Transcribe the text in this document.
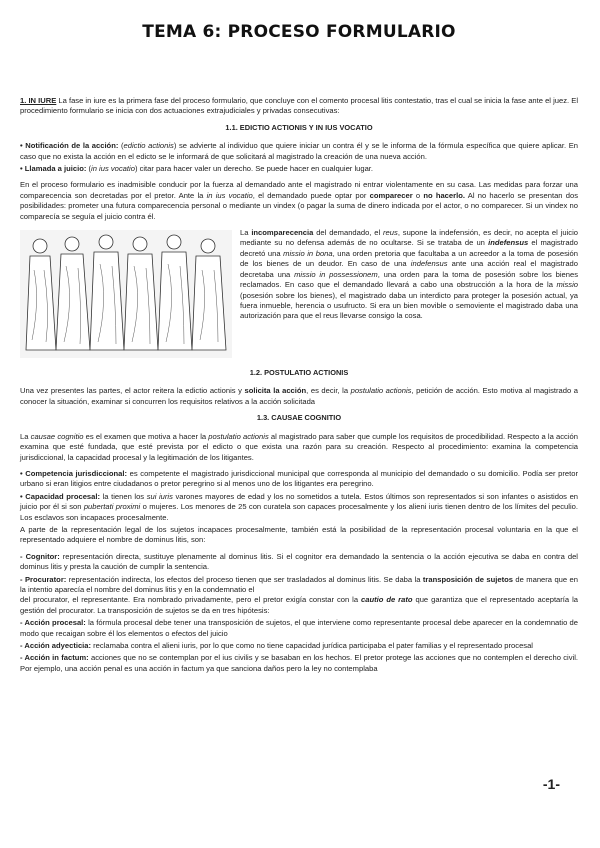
TEMA 6: PROCESO FORMULARIO

1. IN IURE La fase in iure es la primera fase del proceso formulario, que concluye con el comento procesal litis contestatio, tras el cual se inicia la fase ante el juez. El procedimiento formulario se inicia con dos actuaciones extrajudiciales y privadas consecutivas:

1.1. EDICTIO ACTIONIS Y IN IUS VOCATIO

• Notificación de la acción: (edictio actionis) se advierte al individuo que quiere iniciar un contra él y se le informa de la fórmula específica que quiere aplicar. En caso que no exista la acción en el edicto se le informará de que solicitará al magistrado la creación de una nueva acción.

• Llamada a juicio: (in ius vocatio) citar para hacer valer un derecho. Se puede hacer en cualquier lugar.

En el proceso formulario es inadmisible conducir por la fuerza al demandado ante el magistrado ni entrar violentamente en su casa. Las medidas para forzar una comparecencia son decretadas por el pretor. Ante la in ius vocatio, el demandado puede optar por comparecer o no hacerlo. Al no hacerlo se presentan dos posibilidades: prometer una futura comparecencia personal o mediante un vindex (o pagar la suma de dinero indicada por el actor, o no comparecer. Si un vindex no comparecía se seguía el juicio contra él.

La incomparecencia del demandado, el reus, supone la indefensión, es decir, no acepta el juicio mediante su no defensa además de no ocultarse. Si se trataba de un indefensus el magistrado decretó una missio in bona, una orden pretoria que facultaba a un acreedor a la toma de posesión de los bienes de un deudor. En caso de una indefensus ante una acción real el magistrado decretaba una missio in possessionem, una orden para la toma de posesión sobre los bienes reclamados. En caso que el demandado llevará a cabo una obstrucción a la hora de la missio (posesión sobre los bienes), el magistrado daba un interdicto para proteger la posesión actual, ya fuera inmueble, herencia o usufructo. Si era un bien movible o semoviente el magistrado daba una autorización para que el reus llevarse consigo la cosa.

1.2. POSTULATIO ACTIONIS

Una vez presentes las partes, el actor reitera la edictio actionis y solicita la acción, es decir, la postulatio actionis, petición de acción. Esto motiva al magistrado a conocer la situación, examinar si concurren los requisitos relativos a la acción solicitada

1.3. CAUSAE COGNITIO

La causae cognitio es el examen que motiva a hacer la postulatio actionis al magistrado para saber que cumple los requisitos de procedibilidad. Respecto a la acción examina que esté fundada, que esté prevista por el edicto o que exista una razón para su creación. Respecto al procedimiento: examina la competencia jurisdiccional, la capacidad procesal y la legitimación de los litigantes.

• Competencia jurisdiccional: es competente el magistrado jurisdiccional municipal que corresponda al municipio del demandado o su domicilio. Podía ser pretor urbano si eran litigios entre ciudadanos o pretor peregrino si al menos uno de los litigantes era peregrino.

• Capacidad procesal: la tienen los sui iuris varones mayores de edad y los no sometidos a tutela. Estos últimos son representados si son infantes o asistidos en juicio por él si son pubertati proximi o mujeres. Los menores de 25 con curatela son capaces procesalmente y los alieni iuris tienen dentro de los límites del peculio. Los esclavos son incapaces procesalmente.

A parte de la representación legal de los sujetos incapaces procesalmente, también está la posibilidad de la representación procesal voluntaria en la que el representado adquiere el nombre de dominus litis, son:

- Cognitor: representación directa, sustituye plenamente al dominus litis. Si el cognitor era demandado la sentencia o la acción ejecutiva se daba en contra del dominus litis y presta la caución de cumplir la sentencia.

- Procurator: representación indirecta, los efectos del proceso tienen que ser trasladados al dominus litis. Se daba la transposición de sujetos de manera que en la intentio aparecía el nombre del dominus litis y en la condemnatio el
del procurator, el representante. Era nombrado privadamente, pero el pretor exigía constar con la cautio de rato que garantiza que el representado aceptaría la gestión del procurator. La transposición de sujetos se da en tres hipótesis:

- Acción procesal: la fórmula procesal debe tener una transposición de sujetos, el que interviene como representante procesal debe aparecer en la condemnatio de modo que recaigan sobre él los elementos o efectos del juicio

- Acción adyecticia: reclamaba contra el alieni iuris, por lo que como no tiene capacidad jurídica participaba el pater familias y el representado procesal

- Acción in factum: acciones que no se contemplan por el ius civilis y se basaban en los hechos. El pretor protege las acciones que no contemplen el derecho civil. Por ejemplo, una acción penal es una acción in factum ya que sanciona daños pero la ley no contemplaba

-1-
